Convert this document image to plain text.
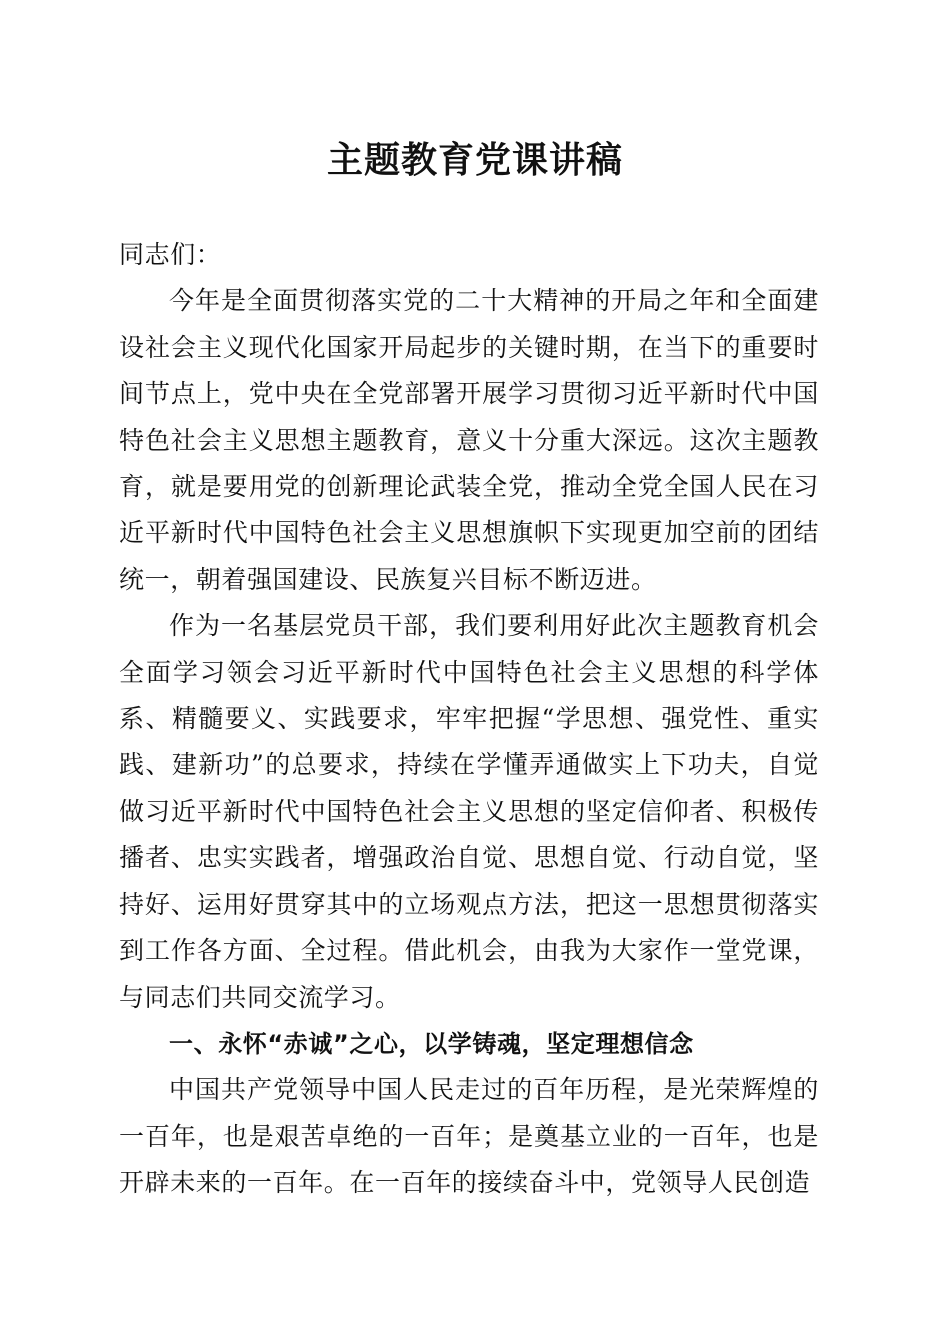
主题教育党课讲稿

同志们：

今年是全面贯彻落实党的二十大精神的开局之年和全面建设社会主义现代化国家开局起步的关键时期，在当下的重要时间节点上，党中央在全党部署开展学习贯彻习近平新时代中国特色社会主义思想主题教育，意义十分重大深远。这次主题教育，就是要用党的创新理论武装全党，推动全党全国人民在习近平新时代中国特色社会主义思想旗帜下实现更加空前的团结统一，朝着强国建设、民族复兴目标不断迈进。

作为一名基层党员干部，我们要利用好此次主题教育机会全面学习领会习近平新时代中国特色社会主义思想的科学体系、精髓要义、实践要求，牢牢把握“学思想、强党性、重实践、建新功”的总要求，持续在学懂弄通做实上下功夫，自觉做习近平新时代中国特色社会主义思想的坚定信仰者、积极传播者、忠实实践者，增强政治自觉、思想自觉、行动自觉，坚持好、运用好贯穿其中的立场观点方法，把这一思想贯彻落实到工作各方面、全过程。借此机会，由我为大家作一堂党课，与同志们共同交流学习。

一、永怀“赤诚”之心，以学铸魂，坚定理想信念

中国共产党领导中国人民走过的百年历程，是光荣辉煌的一百年，也是艰苦卓绝的一百年；是奠基立业的一百年，也是开辟未来的一百年。在一百年的接续奋斗中，党领导人民创造
